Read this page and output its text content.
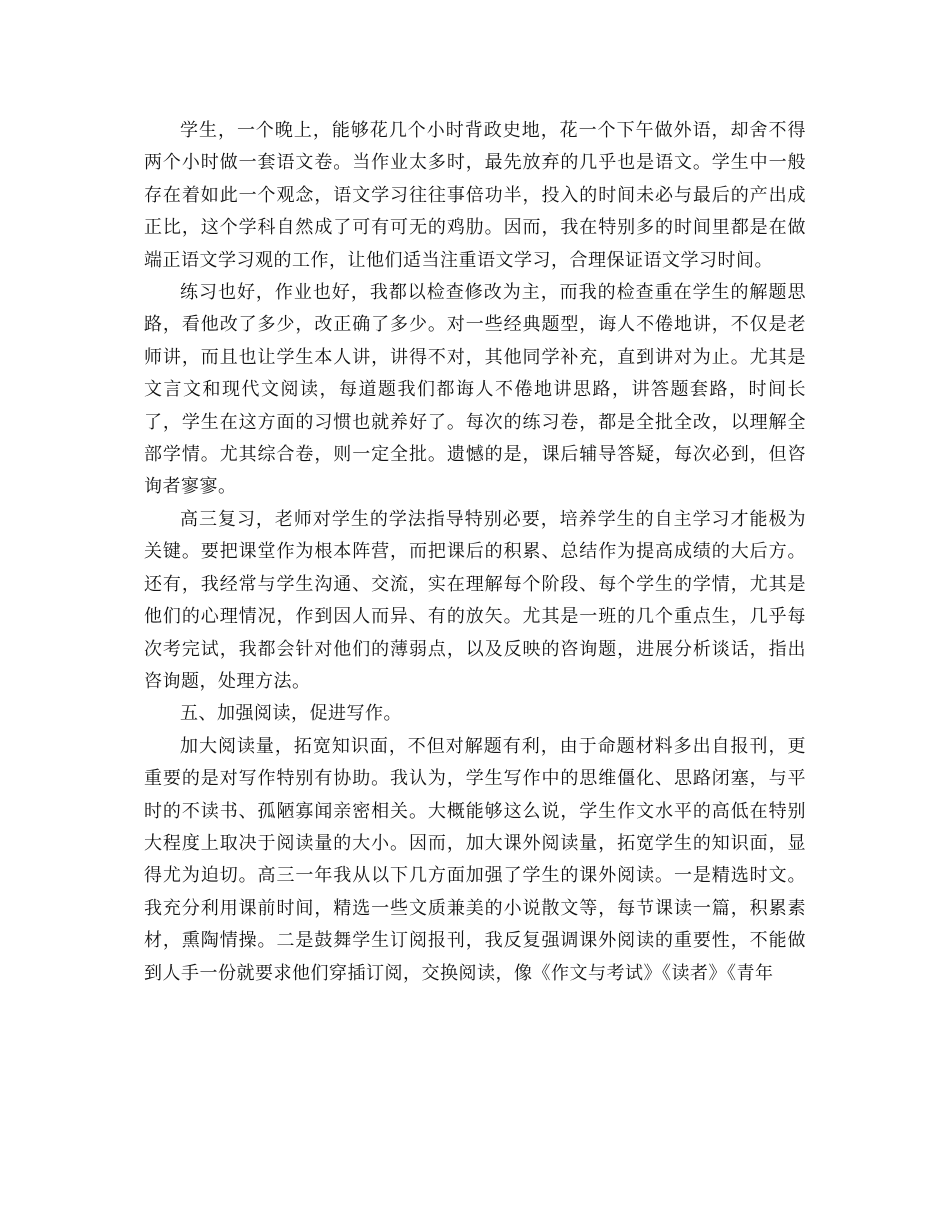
学生，一个晚上，能够花几个小时背政史地，花一个下午做外语，却舍不得两个小时做一套语文卷。当作业太多时，最先放弃的几乎也是语文。学生中一般存在着如此一个观念，语文学习往往事倍功半，投入的时间未必与最后的产出成正比，这个学科自然成了可有可无的鸡肋。因而，我在特别多的时间里都是在做端正语文学习观的工作，让他们适当注重语文学习，合理保证语文学习时间。

练习也好，作业也好，我都以检查修改为主，而我的检查重在学生的解题思路，看他改了多少，改正确了多少。对一些经典题型，诲人不倦地讲，不仅是老师讲，而且也让学生本人讲，讲得不对，其他同学补充，直到讲对为止。尤其是文言文和现代文阅读，每道题我们都诲人不倦地讲思路，讲答题套路，时间长了，学生在这方面的习惯也就养好了。每次的练习卷，都是全批全改，以理解全部学情。尤其综合卷，则一定全批。遗憾的是，课后辅导答疑，每次必到，但咨询者寥寥。

高三复习，老师对学生的学法指导特别必要，培养学生的自主学习才能极为关键。要把课堂作为根本阵营，而把课后的积累、总结作为提高成绩的大后方。还有，我经常与学生沟通、交流，实在理解每个阶段、每个学生的学情，尤其是他们的心理情况，作到因人而异、有的放矢。尤其是一班的几个重点生，几乎每次考完试，我都会针对他们的薄弱点，以及反映的咨询题，进展分析谈话，指出咨询题，处理方法。

五、加强阅读，促进写作。

加大阅读量，拓宽知识面，不但对解题有利，由于命题材料多出自报刊，更重要的是对写作特别有协助。我认为，学生写作中的思维僵化、思路闭塞，与平时的不读书、孤陋寡闻亲密相关。大概能够这么说，学生作文水平的高低在特别大程度上取决于阅读量的大小。因而，加大课外阅读量，拓宽学生的知识面，显得尤为迫切。高三一年我从以下几方面加强了学生的课外阅读。一是精选时文。我充分利用课前时间，精选一些文质兼美的小说散文等，每节课读一篇，积累素材，熏陶情操。二是鼓舞学生订阅报刊，我反复强调课外阅读的重要性，不能做到人手一份就要求他们穿插订阅，交换阅读，像《作文与考试》《读者》《青年
